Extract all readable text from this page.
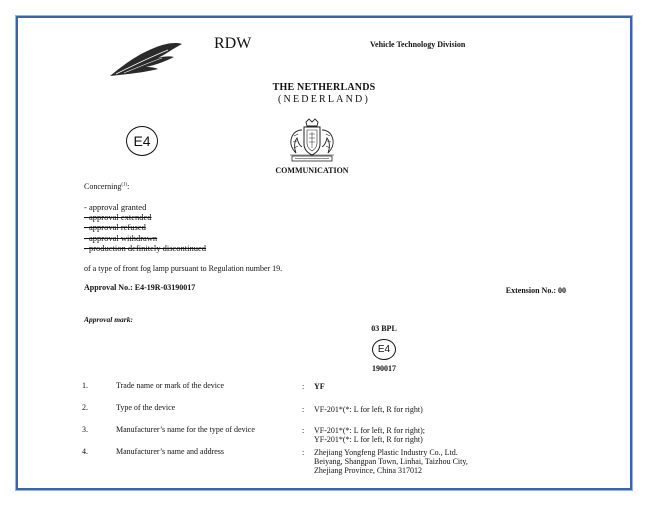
RDW	Vehicle Technology Division
THE NETHERLANDS
(NEDERLAND)
E4
COMMUNICATION
Concerning$^{(1)}$:
- approval granted
- approval extended
- approval refused
- approval withdrawn
- production definitely discontinued
of a type of front fog lamp pursuant to Regulation number 19.
Approval No.: E4-19R-03190017	Extension No.: 00
Approval mark:
03 BPL
E4
190017
1.	Trade name or mark of the device	: YF
2.	Type of the device	: VF-201*(*: L for left, R for right)
3.	Manufacturer’s name for the type of device	: VF-201*(*: L for left, R for right);
YF-201*(*: L for left, R for right)
4.	Manufacturer’s name and address	: Zhejiang Yongfeng Plastic Industry Co., Ltd.
Beiyang, Shangpan Town, Linhai, Taizhou City,
Zhejiang Province, China 317012
